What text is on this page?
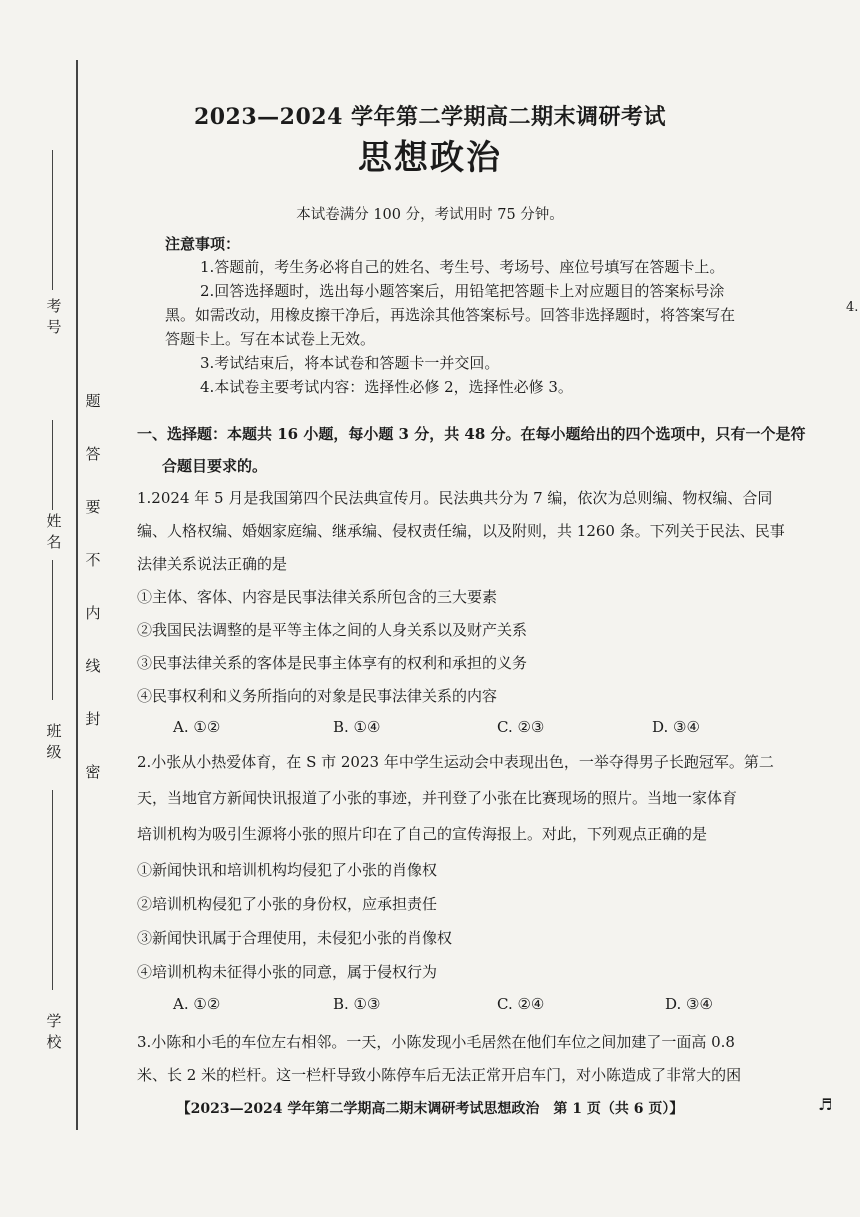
考号
姓名
班级
学校
题
答
要
不
内
线
封
密
2023—2024 学年第二学期高二期末调研考试
思想政治
本试卷满分 100 分，考试用时 75 分钟。
注意事项：
1.答题前，考生务必将自己的姓名、考生号、考场号、座位号填写在答题卡上。
2.回答选择题时，选出每小题答案后，用铅笔把答题卡上对应题目的答案标号涂
黑。如需改动，用橡皮擦干净后，再选涂其他答案标号。回答非选择题时，将答案写在
答题卡上。写在本试卷上无效。
3.考试结束后，将本试卷和答题卡一并交回。
4.本试卷主要考试内容：选择性必修 2，选择性必修 3。
一、选择题：本题共 16 小题，每小题 3 分，共 48 分。在每小题给出的四个选项中，只有一个是符
合题目要求的。
1.2024 年 5 月是我国第四个民法典宣传月。民法典共分为 7 编，依次为总则编、物权编、合同
编、人格权编、婚姻家庭编、继承编、侵权责任编，以及附则，共 1260 条。下列关于民法、民事
法律关系说法正确的是
①主体、客体、内容是民事法律关系所包含的三大要素
②我国民法调整的是平等主体之间的人身关系以及财产关系
③民事法律关系的客体是民事主体享有的权利和承担的义务
④民事权利和义务所指向的对象是民事法律关系的内容
A. ①②	B. ①④	C. ②③	D. ③④
2.小张从小热爱体育，在 S 市 2023 年中学生运动会中表现出色，一举夺得男子长跑冠军。第二
天，当地官方新闻快讯报道了小张的事迹，并刊登了小张在比赛现场的照片。当地一家体育
培训机构为吸引生源将小张的照片印在了自己的宣传海报上。对此，下列观点正确的是
①新闻快讯和培训机构均侵犯了小张的肖像权
②培训机构侵犯了小张的身份权，应承担责任
③新闻快讯属于合理使用，未侵犯小张的肖像权
④培训机构未征得小张的同意，属于侵权行为
A. ①②	B. ①③	C. ②④	D. ③④
3.小陈和小毛的车位左右相邻。一天，小陈发现小毛居然在他们车位之间加建了一面高 0.8
米、长 2 米的栏杆。这一栏杆导致小陈停车后无法正常开启车门，对小陈造成了非常大的困
【2023—2024 学年第二学期高二期末调研考试思想政治　第 1 页（共 6 页）】	♬
4.
